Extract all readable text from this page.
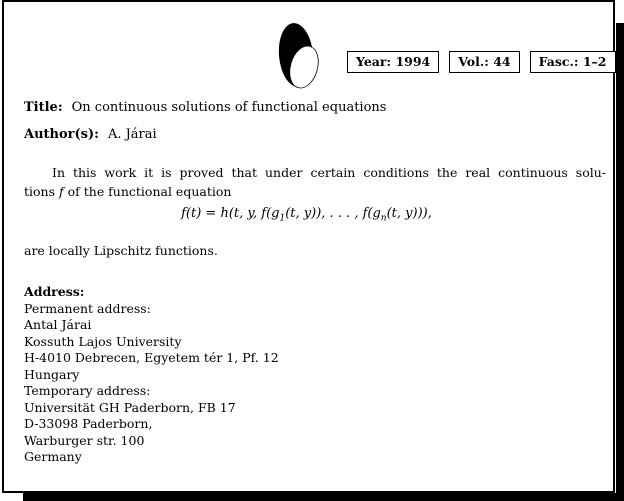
Year: 1994	Vol.: 44	Fasc.: 1–2
Title: On continuous solutions of functional equations
Author(s): A. Járai
In this work it is proved that under certain conditions the real continuous solu-
tions f of the functional equation
f(t) = h(t, y, $f(g_1(t$, y)), . . . , $f(g_n(t$, y))),
are locally Lipschitz functions.
Address:
Permanent address:
Antal Járai
Kossuth Lajos University
H-4010 Debrecen, Egyetem tér 1, Pf. 12
Hungary
Temporary address:
Universität GH Paderborn, FB 17
D-33098 Paderborn,
Warburger str. 100
Germany
